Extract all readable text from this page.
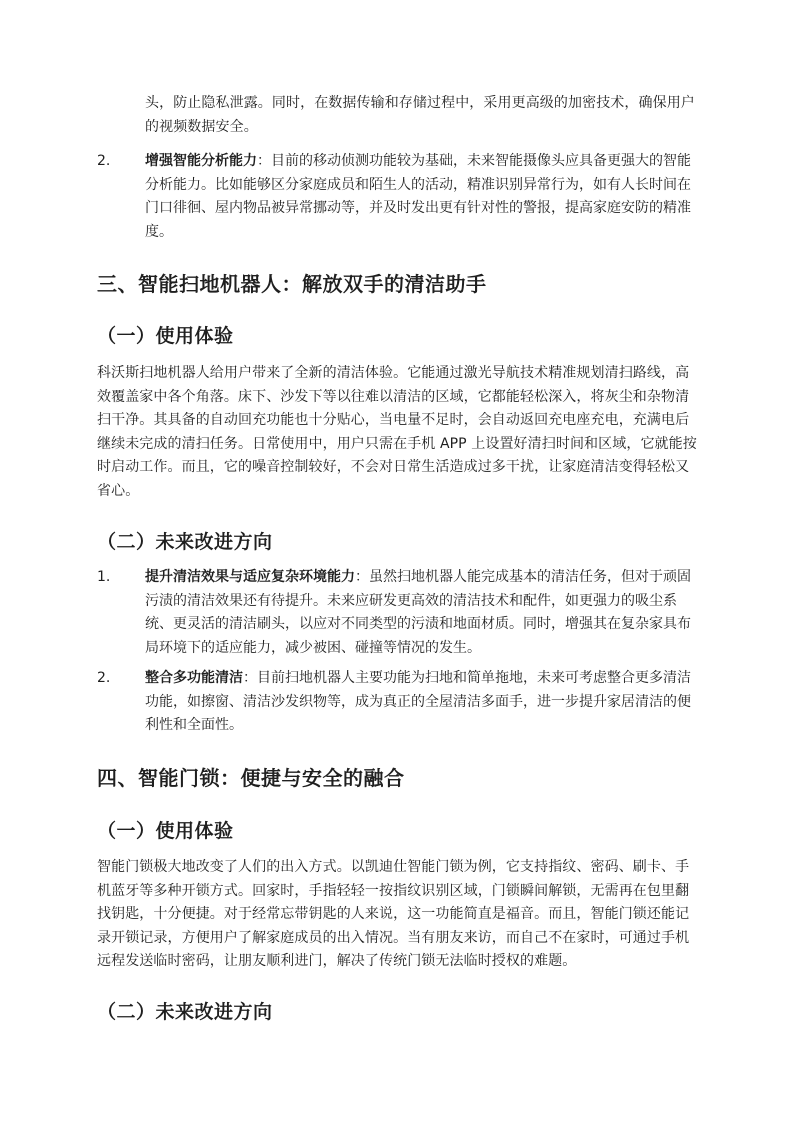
头，防止隐私泄露。同时，在数据传输和存储过程中，采用更高级的加密技术，确保用户的视频数据安全。

2. 增强智能分析能力：目前的移动侦测功能较为基础，未来智能摄像头应具备更强大的智能分析能力。比如能够区分家庭成员和陌生人的活动，精准识别异常行为，如有人长时间在门口徘徊、屋内物品被异常挪动等，并及时发出更有针对性的警报，提高家庭安防的精准度。

三、智能扫地机器人：解放双手的清洁助手
（一）使用体验

科沃斯扫地机器人给用户带来了全新的清洁体验。它能通过激光导航技术精准规划清扫路线，高效覆盖家中各个角落。床下、沙发下等以往难以清洁的区域，它都能轻松深入，将灰尘和杂物清扫干净。其具备的自动回充功能也十分贴心，当电量不足时，会自动返回充电座充电，充满电后继续未完成的清扫任务。日常使用中，用户只需在手机 APP 上设置好清扫时间和区域，它就能按时启动工作。而且，它的噪音控制较好，不会对日常生活造成过多干扰，让家庭清洁变得轻松又省心。

（二）未来改进方向
1. 提升清洁效果与适应复杂环境能力：虽然扫地机器人能完成基本的清洁任务，但对于顽固污渍的清洁效果还有待提升。未来应研发更高效的清洁技术和配件，如更强力的吸尘系统、更灵活的清洁刷头，以应对不同类型的污渍和地面材质。同时，增强其在复杂家具布局环境下的适应能力，减少被困、碰撞等情况的发生。

2. 整合多功能清洁：目前扫地机器人主要功能为扫地和简单拖地，未来可考虑整合更多清洁功能，如擦窗、清洁沙发织物等，成为真正的全屋清洁多面手，进一步提升家居清洁的便利性和全面性。

四、智能门锁：便捷与安全的融合
（一）使用体验

智能门锁极大地改变了人们的出入方式。以凯迪仕智能门锁为例，它支持指纹、密码、刷卡、手机蓝牙等多种开锁方式。回家时，手指轻轻一按指纹识别区域，门锁瞬间解锁，无需再在包里翻找钥匙，十分便捷。对于经常忘带钥匙的人来说，这一功能简直是福音。而且，智能门锁还能记录开锁记录，方便用户了解家庭成员的出入情况。当有朋友来访，而自己不在家时，可通过手机远程发送临时密码，让朋友顺利进门，解决了传统门锁无法临时授权的难题。

（二）未来改进方向
